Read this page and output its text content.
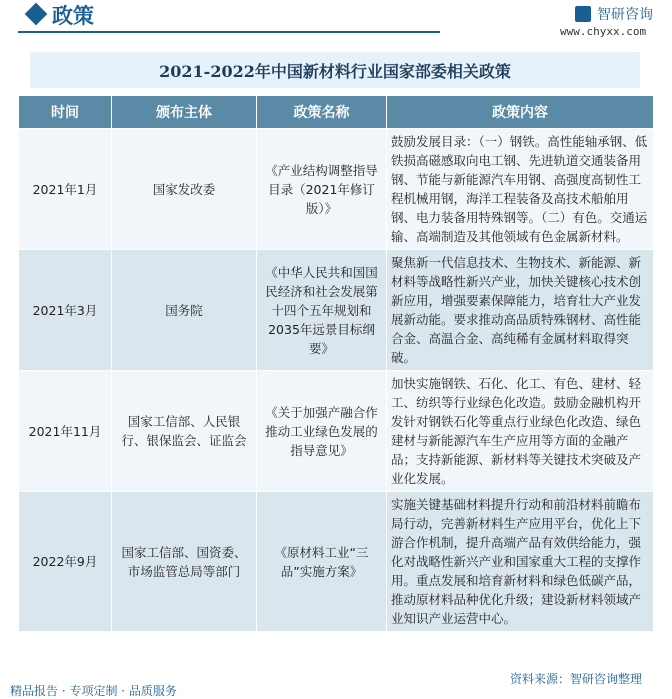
政策	智研咨询
www.chyxx.com
2021-2022年中国新材料行业国家部委相关政策
时间	颁布主体	政策名称	政策内容
2021年1月	国家发改委	《产业结构调整指导目录（2021年修订版）》	鼓励发展目录：（一）钢铁。高性能轴承钢、低铁损高磁感取向电工钢、先进轨道交通装备用钢、节能与新能源汽车用钢、高强度高韧性工程机械用钢，海洋工程装备及高技术船舶用钢、电力装备用特殊钢等。（二）有色。交通运输、高端制造及其他领域有色金属新材料。
2021年3月	国务院	《中华人民共和国国民经济和社会发展第十四个五年规划和2035年远景目标纲要》	聚焦新一代信息技术、生物技术、新能源、新材料等战略性新兴产业，加快关键核心技术创新应用，增强要素保障能力，培育壮大产业发展新动能。要求推动高品质特殊钢材、高性能合金、高温合金、高纯稀有金属材料取得突破。
2021年11月	国家工信部、人民银行、银保监会、证监会	《关于加强产融合作推动工业绿色发展的指导意见》	加快实施钢铁、石化、化工、有色、建材、轻工、纺织等行业绿色化改造。鼓励金融机构开发针对钢铁石化等重点行业绿色化改造、绿色建材与新能源汽车生产应用等方面的金融产品；支持新能源、新材料等关键技术突破及产业化发展。
2022年9月	国家工信部、国资委、市场监管总局等部门	《原材料工业“三品”实施方案》	实施关键基础材料提升行动和前沿材料前瞻布局行动，完善新材料生产应用平台，优化上下游合作机制，提升高端产品有效供给能力，强化对战略性新兴产业和国家重大工程的支撑作用。重点发展和培育新材料和绿色低碳产品，推动原材料品种优化升级；建设新材料领域产业知识产业运营中心。
精品报告 · 专项定制 · 品质服务
资料来源：智研咨询整理
